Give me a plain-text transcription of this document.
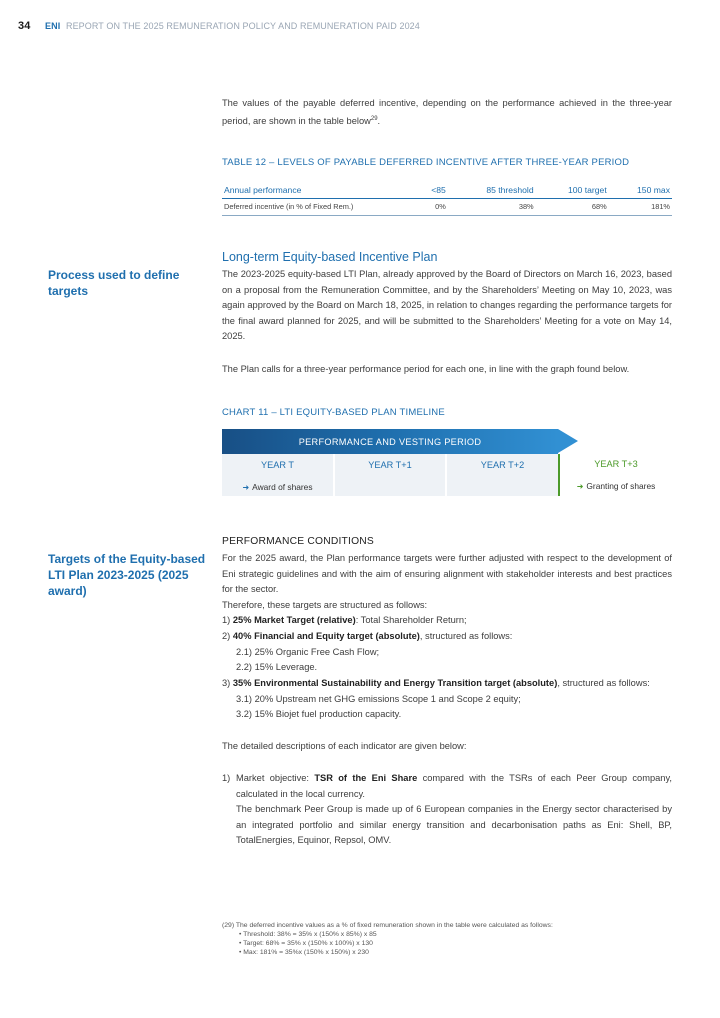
34 ENI REPORT ON THE 2025 REMUNERATION POLICY AND REMUNERATION PAID 2024
The values of the payable deferred incentive, depending on the performance achieved in the three-year period, are shown in the table below$^{29}$.
TABLE 12 – LEVELS OF PAYABLE DEFERRED INCENTIVE AFTER THREE-YEAR PERIOD
Annual performance	<85	85 threshold	100 target	150 max
Deferred incentive (in % of Fixed Rem.)	0%	38%	68%	181%
Process used to define targets
Long-term Equity-based Incentive Plan
The 2023-2025 equity-based LTI Plan, already approved by the Board of Directors on March 16, 2023, based on a proposal from the Remuneration Committee, and by the Shareholders’ Meeting on May 10, 2023, was again approved by the Board on March 18, 2025, in relation to changes regarding the performance targets for the final award planned for 2025, and will be submitted to the Shareholders’ Meeting for a vote on May 14, 2025.
The Plan calls for a three-year performance period for each one, in line with the graph found below.
CHART 11 – LTI EQUITY-BASED PLAN TIMELINE
PERFORMANCE AND VESTING PERIOD
YEAR T
➜ Award of shares
YEAR T+1	YEAR T+2	YEAR T+3
➜ Granting of shares
Targets of the Equity-based LTI Plan 2023-2025 (2025 award)
PERFORMANCE CONDITIONS
For the 2025 award, the Plan performance targets were further adjusted with respect to the development of Eni strategic guidelines and with the aim of ensuring alignment with stakeholder interests and best practices for the sector.
Therefore, these targets are structured as follows:
1) 25% Market Target (relative): Total Shareholder Return;
2) 40% Financial and Equity target (absolute), structured as follows:
2.1) 25% Organic Free Cash Flow;
2.2) 15% Leverage.
3) 35% Environmental Sustainability and Energy Transition target (absolute), structured as follows:
3.1) 20% Upstream net GHG emissions Scope 1 and Scope 2 equity;
3.2) 15% Biojet fuel production capacity.
The detailed descriptions of each indicator are given below:
1) Market objective: TSR of the Eni Share compared with the TSRs of each Peer Group company, calculated in the local currency.
The benchmark Peer Group is made up of 6 European companies in the Energy sector characterised by an integrated portfolio and similar energy transition and decarbonisation paths as Eni: Shell, BP, TotalEnergies, Equinor, Repsol, OMV.
(29) The deferred incentive values as a % of fixed remuneration shown in the table were calculated as follows:
• Threshold: 38% = 35% x (150% x 85%) x 85
• Target: 68% = 35% x (150% x 100%) x 130
• Max: 181% = 35%x (150% x 150%) x 230
